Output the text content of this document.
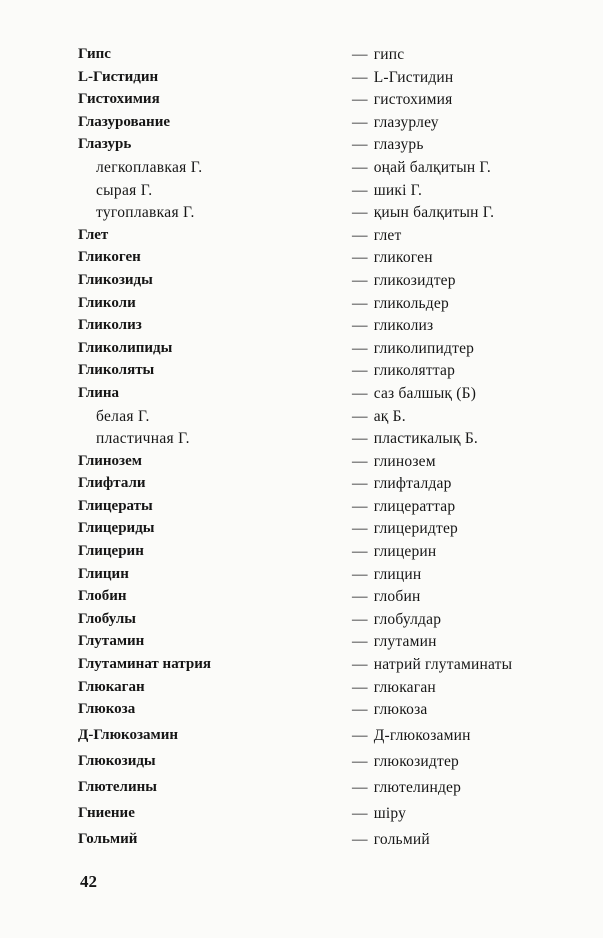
Гипс	— гипс
L-Гистидин	— L-Гистидин
Гистохимия	— гистохимия
Глазурование	— глазурлеу
Глазурь	— глазурь
легкоплавкая Г.	— оңай балқитын Г.
сырая Г.	— шикі Г.
тугоплавкая Г.	— қиын балқитын Г.
Глет	— глет
Гликоген	— гликоген
Гликозиды	— гликозидтер
Гликоли	— гликольдер
Гликолиз	— гликолиз
Гликолипиды	— гликолипидтер
Гликоляты	— гликоляттар
Глина	— саз балшық (Б)
белая Г.	— ақ Б.
пластичная Г.	— пластикалық Б.
Глинозем	— глинозем
Глифтали	— глифталдар
Глицераты	— глицераттар
Глицериды	— глицеридтер
Глицерин	— глицерин
Глицин	— глицин
Глобин	— глобин
Глобулы	— глобулдар
Глутамин	— глутамин
Глутаминат натрия	— натрий глутаминаты
Глюкаган	— глюкаган
Глюкоза	— глюкоза
Д-Глюкозамин	— Д-глюкозамин
Глюкозиды	— глюкозидтер
Глютелины	— глютелиндер
Гниение	— шіру
Гольмий	— гольмий
42
